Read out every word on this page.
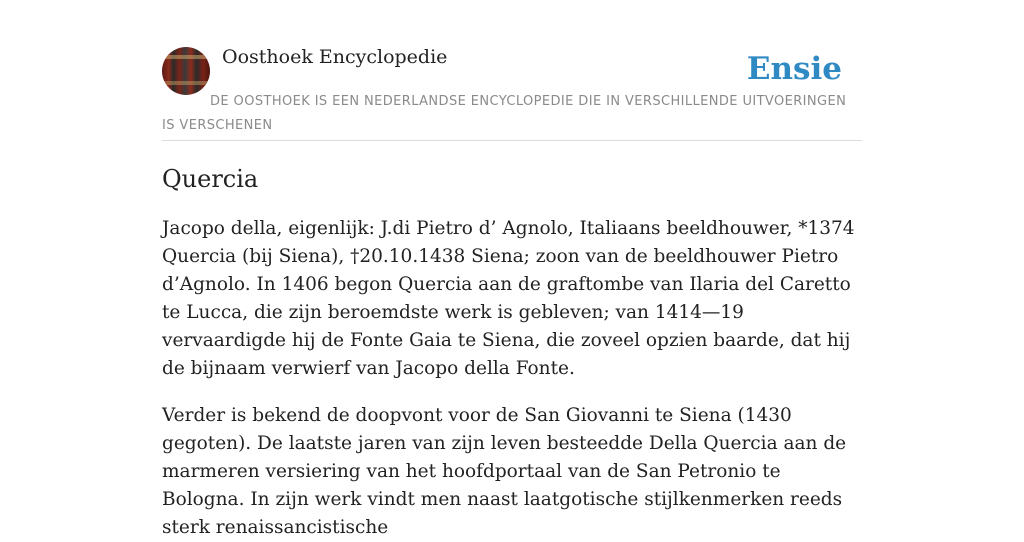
Oosthoek Encyclopedie	Ensie
DE OOSTHOEK IS EEN NEDERLANDSE ENCYCLOPEDIE DIE IN VERSCHILLENDE UITVOERINGEN IS VERSCHENEN
Quercia

Jacopo della, eigenlijk: J.di Pietro d’ Agnolo, Italiaans beeldhouwer, *1374 Quercia (bij Siena), †20.10.1438 Siena; zoon van de beeldhouwer Pietro d’Agnolo. In 1406 begon Quercia aan de graftombe van Ilaria del Caretto te Lucca, die zijn beroemdste werk is gebleven; van 1414—19 vervaardigde hij de Fonte Gaia te Siena, die zoveel opzien baarde, dat hij de bijnaam verwierf van Jacopo della Fonte.

Verder is bekend de doopvont voor de San Giovanni te Siena (1430 gegoten). De laatste jaren van zijn leven besteedde Della Quercia aan de marmeren versiering van het hoofdportaal van de San Petronio te Bologna. In zijn werk vindt men naast laatgotische stijlkenmerken reeds sterk renaissancistische
